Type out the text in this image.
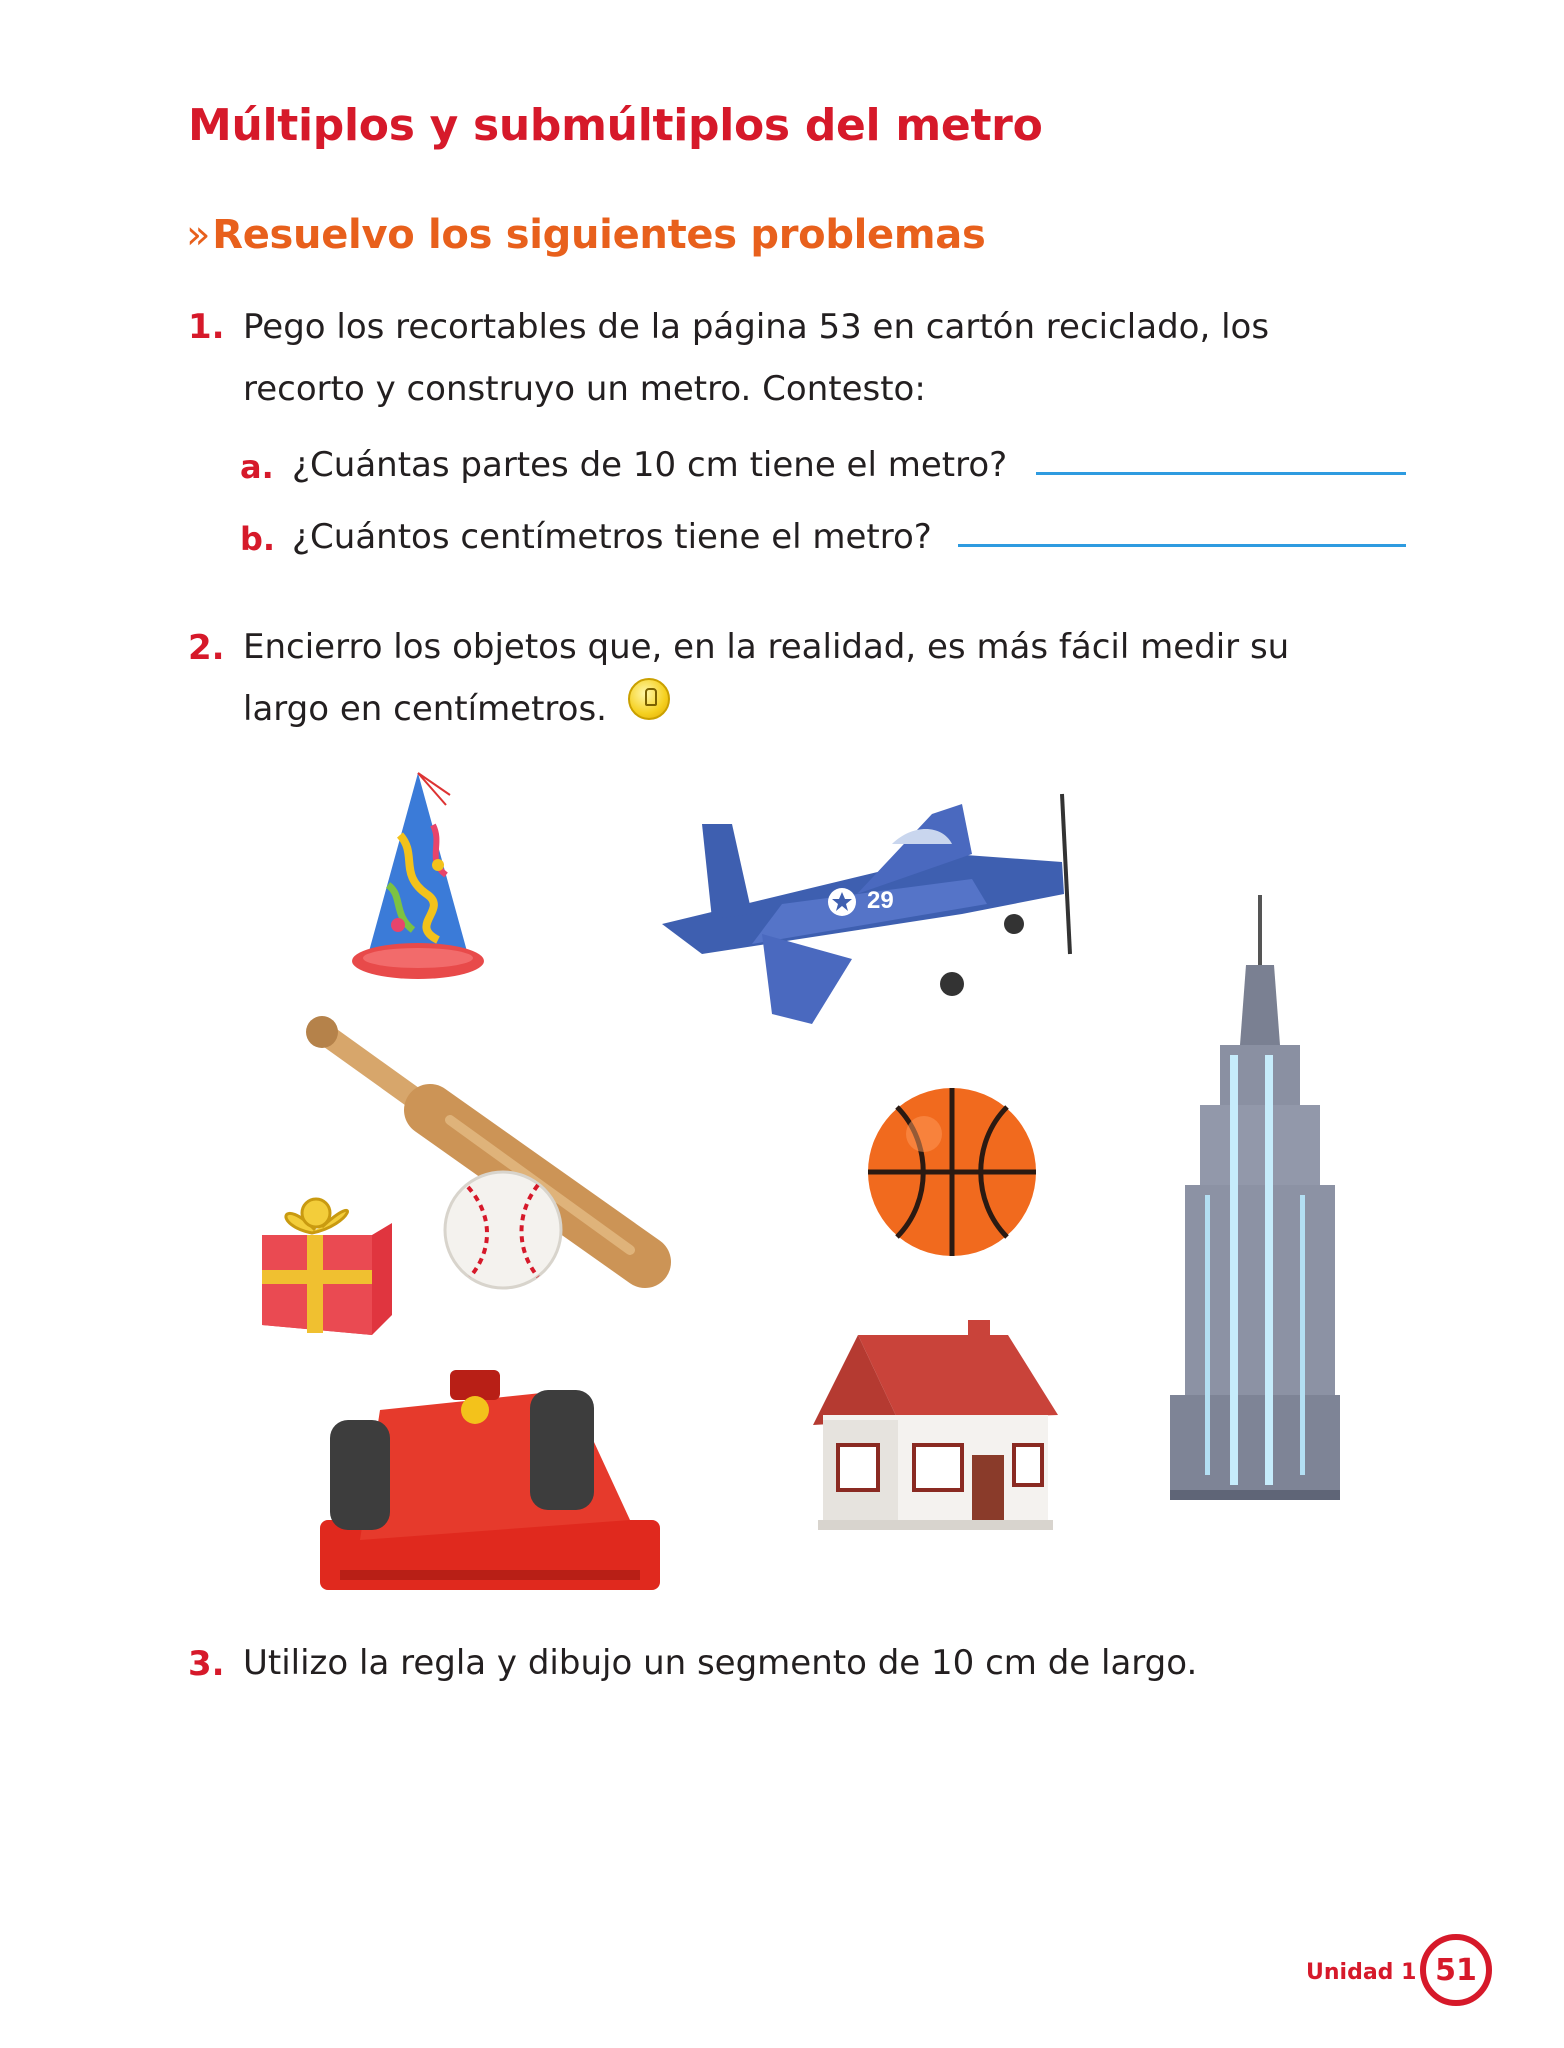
Múltiplos y submúltiplos del metro
»Resuelvo los siguientes problemas
1. Pego los recortables de la página 53 en cartón reciclado, los
recorto y construyo un metro. Contesto:
a. ¿Cuántas partes de 10 cm tiene el metro?
b. ¿Cuántos centímetros tiene el metro?
2. Encierro los objetos que, en la realidad, es más fácil medir su
largo en centímetros.
29
3. Utilizo la regla y dibujo un segmento de 10 cm de largo.
Unidad 1 51
